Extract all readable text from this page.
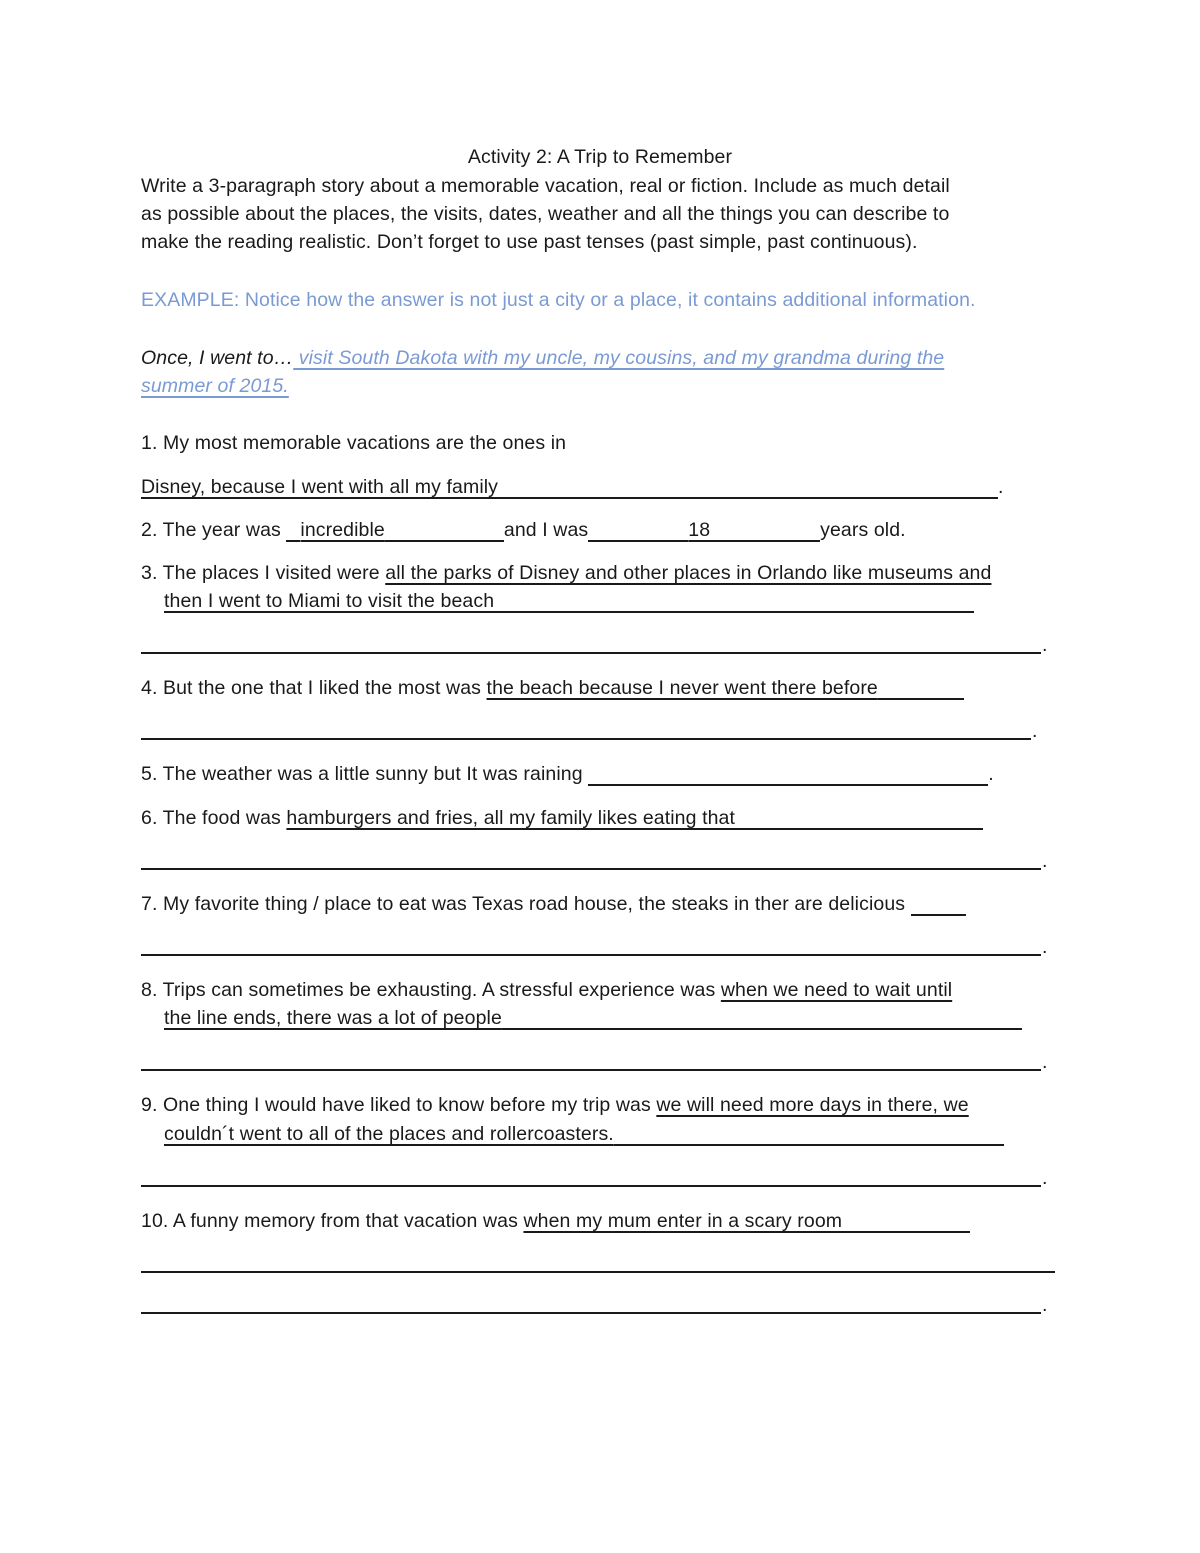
Activity 2: A Trip to Remember
Write a 3-paragraph story about a memorable vacation, real or fiction. Include as much detail
as possible about the places, the visits, dates, weather and all the things you can describe to
make the reading realistic. Don’t forget to use past tenses (past simple, past continuous).
EXAMPLE: Notice how the answer is not just a city or a place, it contains additional information.
Once, I went to… visit South Dakota with my uncle, my cousins, and my grandma during the
summer of 2015.
1. My most memorable vacations are the ones in
Disney, because I went with all my family	.
2. The year was incredible	and I was	18	years old.
3. The places I visited were all the parks of Disney and other places in Orlando like museums and
then I went to Miami to visit the beach
.
4. But the one that I liked the most was the beach because I never went there before
.
5. The weather was a little sunny but It was raining	.
6. The food was hamburgers and fries, all my family likes eating that
.
7. My favorite thing / place to eat was Texas road house, the steaks in ther are delicious
.
8. Trips can sometimes be exhausting. A stressful experience was when we need to wait until
the line ends, there was a lot of people
.
9. One thing I would have liked to know before my trip was we will need more days in there, we
couldn´t went to all of the places and rollercoasters.
.
10. A funny memory from that vacation was when my mum enter in a scary room
.
